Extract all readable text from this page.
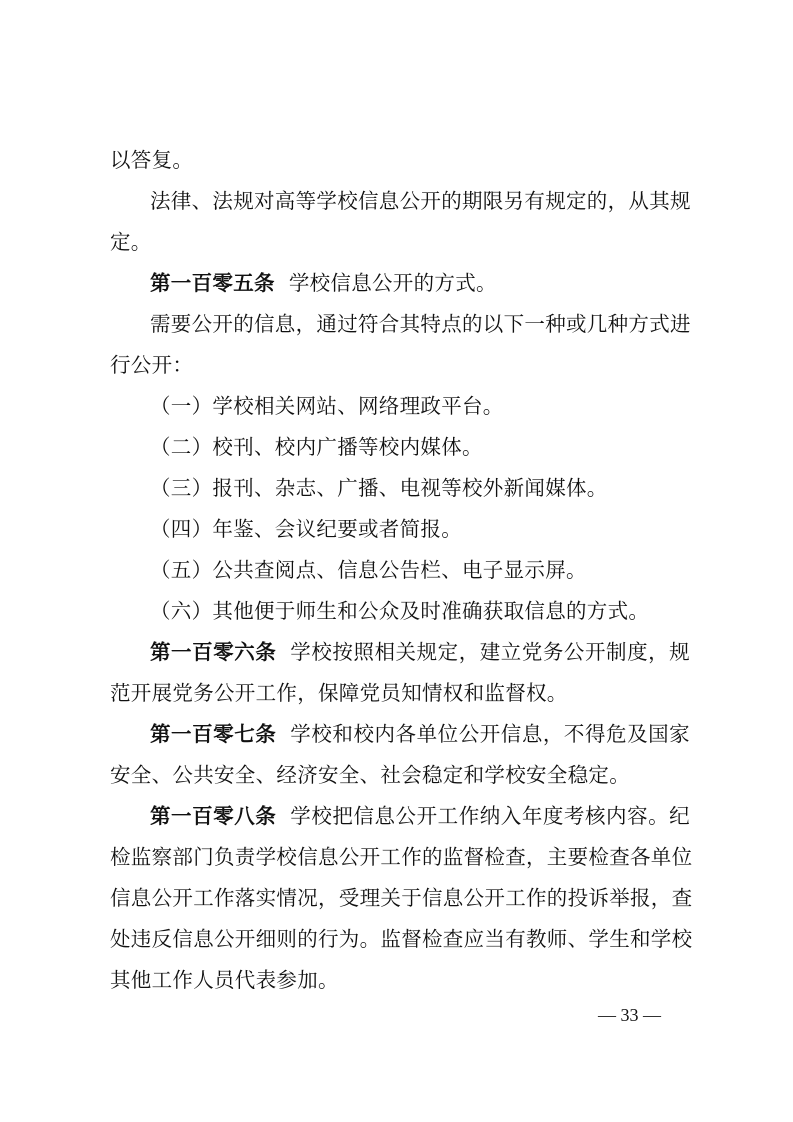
以答复。
法律、法规对高等学校信息公开的期限另有规定的，从其规
定。
第一百零五条 学校信息公开的方式。
需要公开的信息，通过符合其特点的以下一种或几种方式进
行公开：
（一）学校相关网站、网络理政平台。
（二）校刊、校内广播等校内媒体。
（三）报刊、杂志、广播、电视等校外新闻媒体。
（四）年鉴、会议纪要或者简报。
（五）公共查阅点、信息公告栏、电子显示屏。
（六）其他便于师生和公众及时准确获取信息的方式。
第一百零六条 学校按照相关规定，建立党务公开制度，规
范开展党务公开工作，保障党员知情权和监督权。
第一百零七条 学校和校内各单位公开信息，不得危及国家
安全、公共安全、经济安全、社会稳定和学校安全稳定。
第一百零八条 学校把信息公开工作纳入年度考核内容。纪
检监察部门负责学校信息公开工作的监督检查，主要检查各单位
信息公开工作落实情况，受理关于信息公开工作的投诉举报，查
处违反信息公开细则的行为。监督检查应当有教师、学生和学校
其他工作人员代表参加。
— 33 —
